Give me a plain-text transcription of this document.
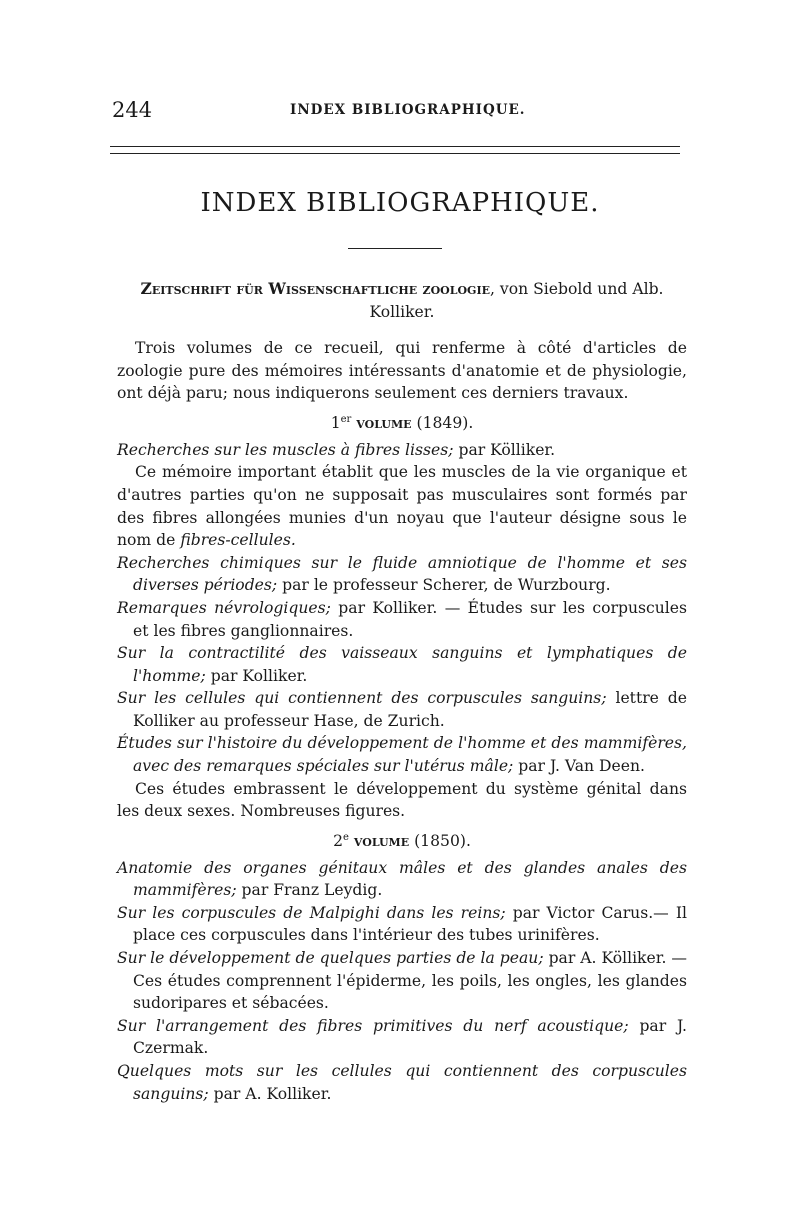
244	INDEX BIBLIOGRAPHIQUE.
INDEX BIBLIOGRAPHIQUE.

Zeitschrift für Wissenschaftliche zoologie, von Siebold und Alb. Kolliker.

Trois volumes de ce recueil, qui renferme à côté d'articles de zoologie pure des mémoires intéressants d'anatomie et de physiologie, ont déjà paru; nous indiquerons seulement ces derniers travaux.

1er volume (1849).

Recherches sur les muscles à fibres lisses; par Kölliker.

Ce mémoire important établit que les muscles de la vie organique et d'autres parties qu'on ne supposait pas musculaires sont formés par des fibres allongées munies d'un noyau que l'auteur désigne sous le nom de fibres-cellules.

Recherches chimiques sur le fluide amniotique de l'homme et ses diverses périodes; par le professeur Scherer, de Wurzbourg.

Remarques névrologiques; par Kolliker. — Études sur les corpuscules et les fibres ganglionnaires.

Sur la contractilité des vaisseaux sanguins et lymphatiques de l'homme; par Kolliker.

Sur les cellules qui contiennent des corpuscules sanguins; lettre de Kolliker au professeur Hase, de Zurich.

Études sur l'histoire du développement de l'homme et des mammifères, avec des remarques spéciales sur l'utérus mâle; par J. Van Deen.

Ces études embrassent le développement du système génital dans les deux sexes. Nombreuses figures.

2e volume (1850).

Anatomie des organes génitaux mâles et des glandes anales des mammifères; par Franz Leydig.

Sur les corpuscules de Malpighi dans les reins; par Victor Carus.— Il place ces corpuscules dans l'intérieur des tubes urinifères.

Sur le développement de quelques parties de la peau; par A. Kölliker. — Ces études comprennent l'épiderme, les poils, les ongles, les glandes sudoripares et sébacées.

Sur l'arrangement des fibres primitives du nerf acoustique; par J. Czermak.

Quelques mots sur les cellules qui contiennent des corpuscules sanguins; par A. Kolliker.
